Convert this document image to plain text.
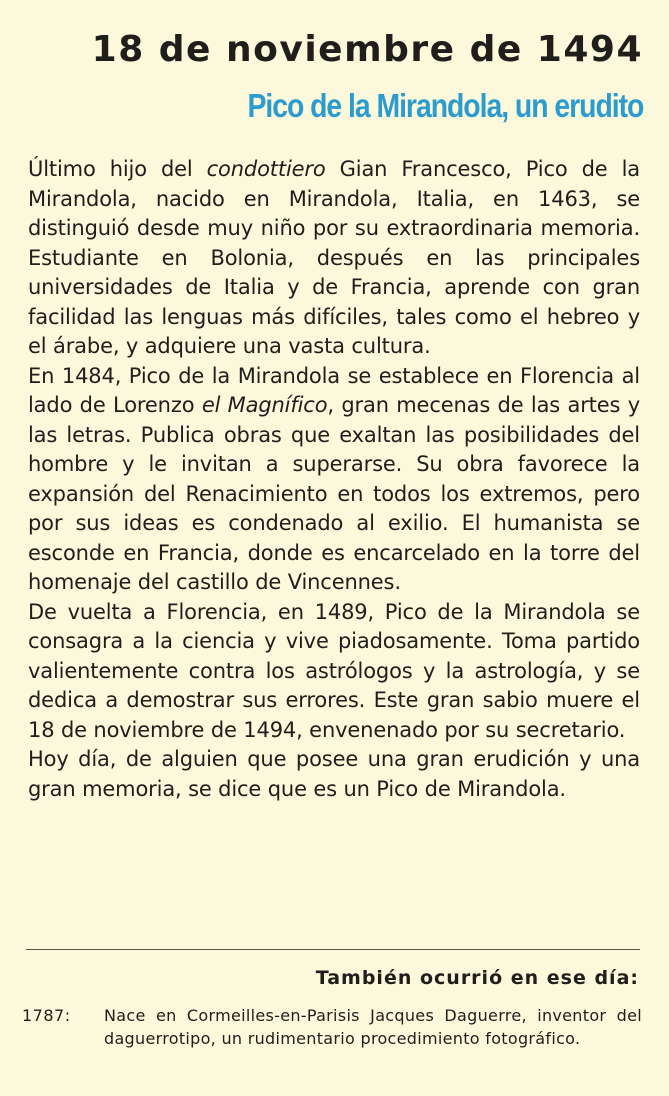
18 de noviembre de 1494
Pico de la Mirandola, un erudito

Último hijo del condottiero Gian Francesco, Pico de la Mirandola, nacido en Mirandola, Italia, en 1463, se distinguió desde muy niño por su extraordinaria memoria. Estudiante en Bolonia, después en las principales universidades de Italia y de Francia, aprende con gran facilidad las lenguas más difíciles, tales como el hebreo y el árabe, y adquiere una vasta cultura.

En 1484, Pico de la Mirandola se establece en Florencia al lado de Lorenzo el Magnífico, gran mecenas de las artes y las letras. Publica obras que exaltan las posibilidades del hombre y le invitan a superarse. Su obra favorece la expansión del Renacimiento en todos los extremos, pero por sus ideas es condenado al exilio. El humanista se esconde en Francia, donde es encarcelado en la torre del homenaje del castillo de Vincennes.

De vuelta a Florencia, en 1489, Pico de la Mirandola se consagra a la ciencia y vive piadosamente. Toma partido valientemente contra los astrólogos y la astrología, y se dedica a demostrar sus errores. Este gran sabio muere el 18 de noviembre de 1494, envenenado por su secretario.

Hoy día, de alguien que posee una gran erudición y una gran memoria, se dice que es un Pico de Mirandola.

También ocurrió en ese día:
1787: Nace en Cormeilles-en-Parisis Jacques Daguerre, inventor del daguerrotipo, un rudimentario procedimiento fotográfico.
